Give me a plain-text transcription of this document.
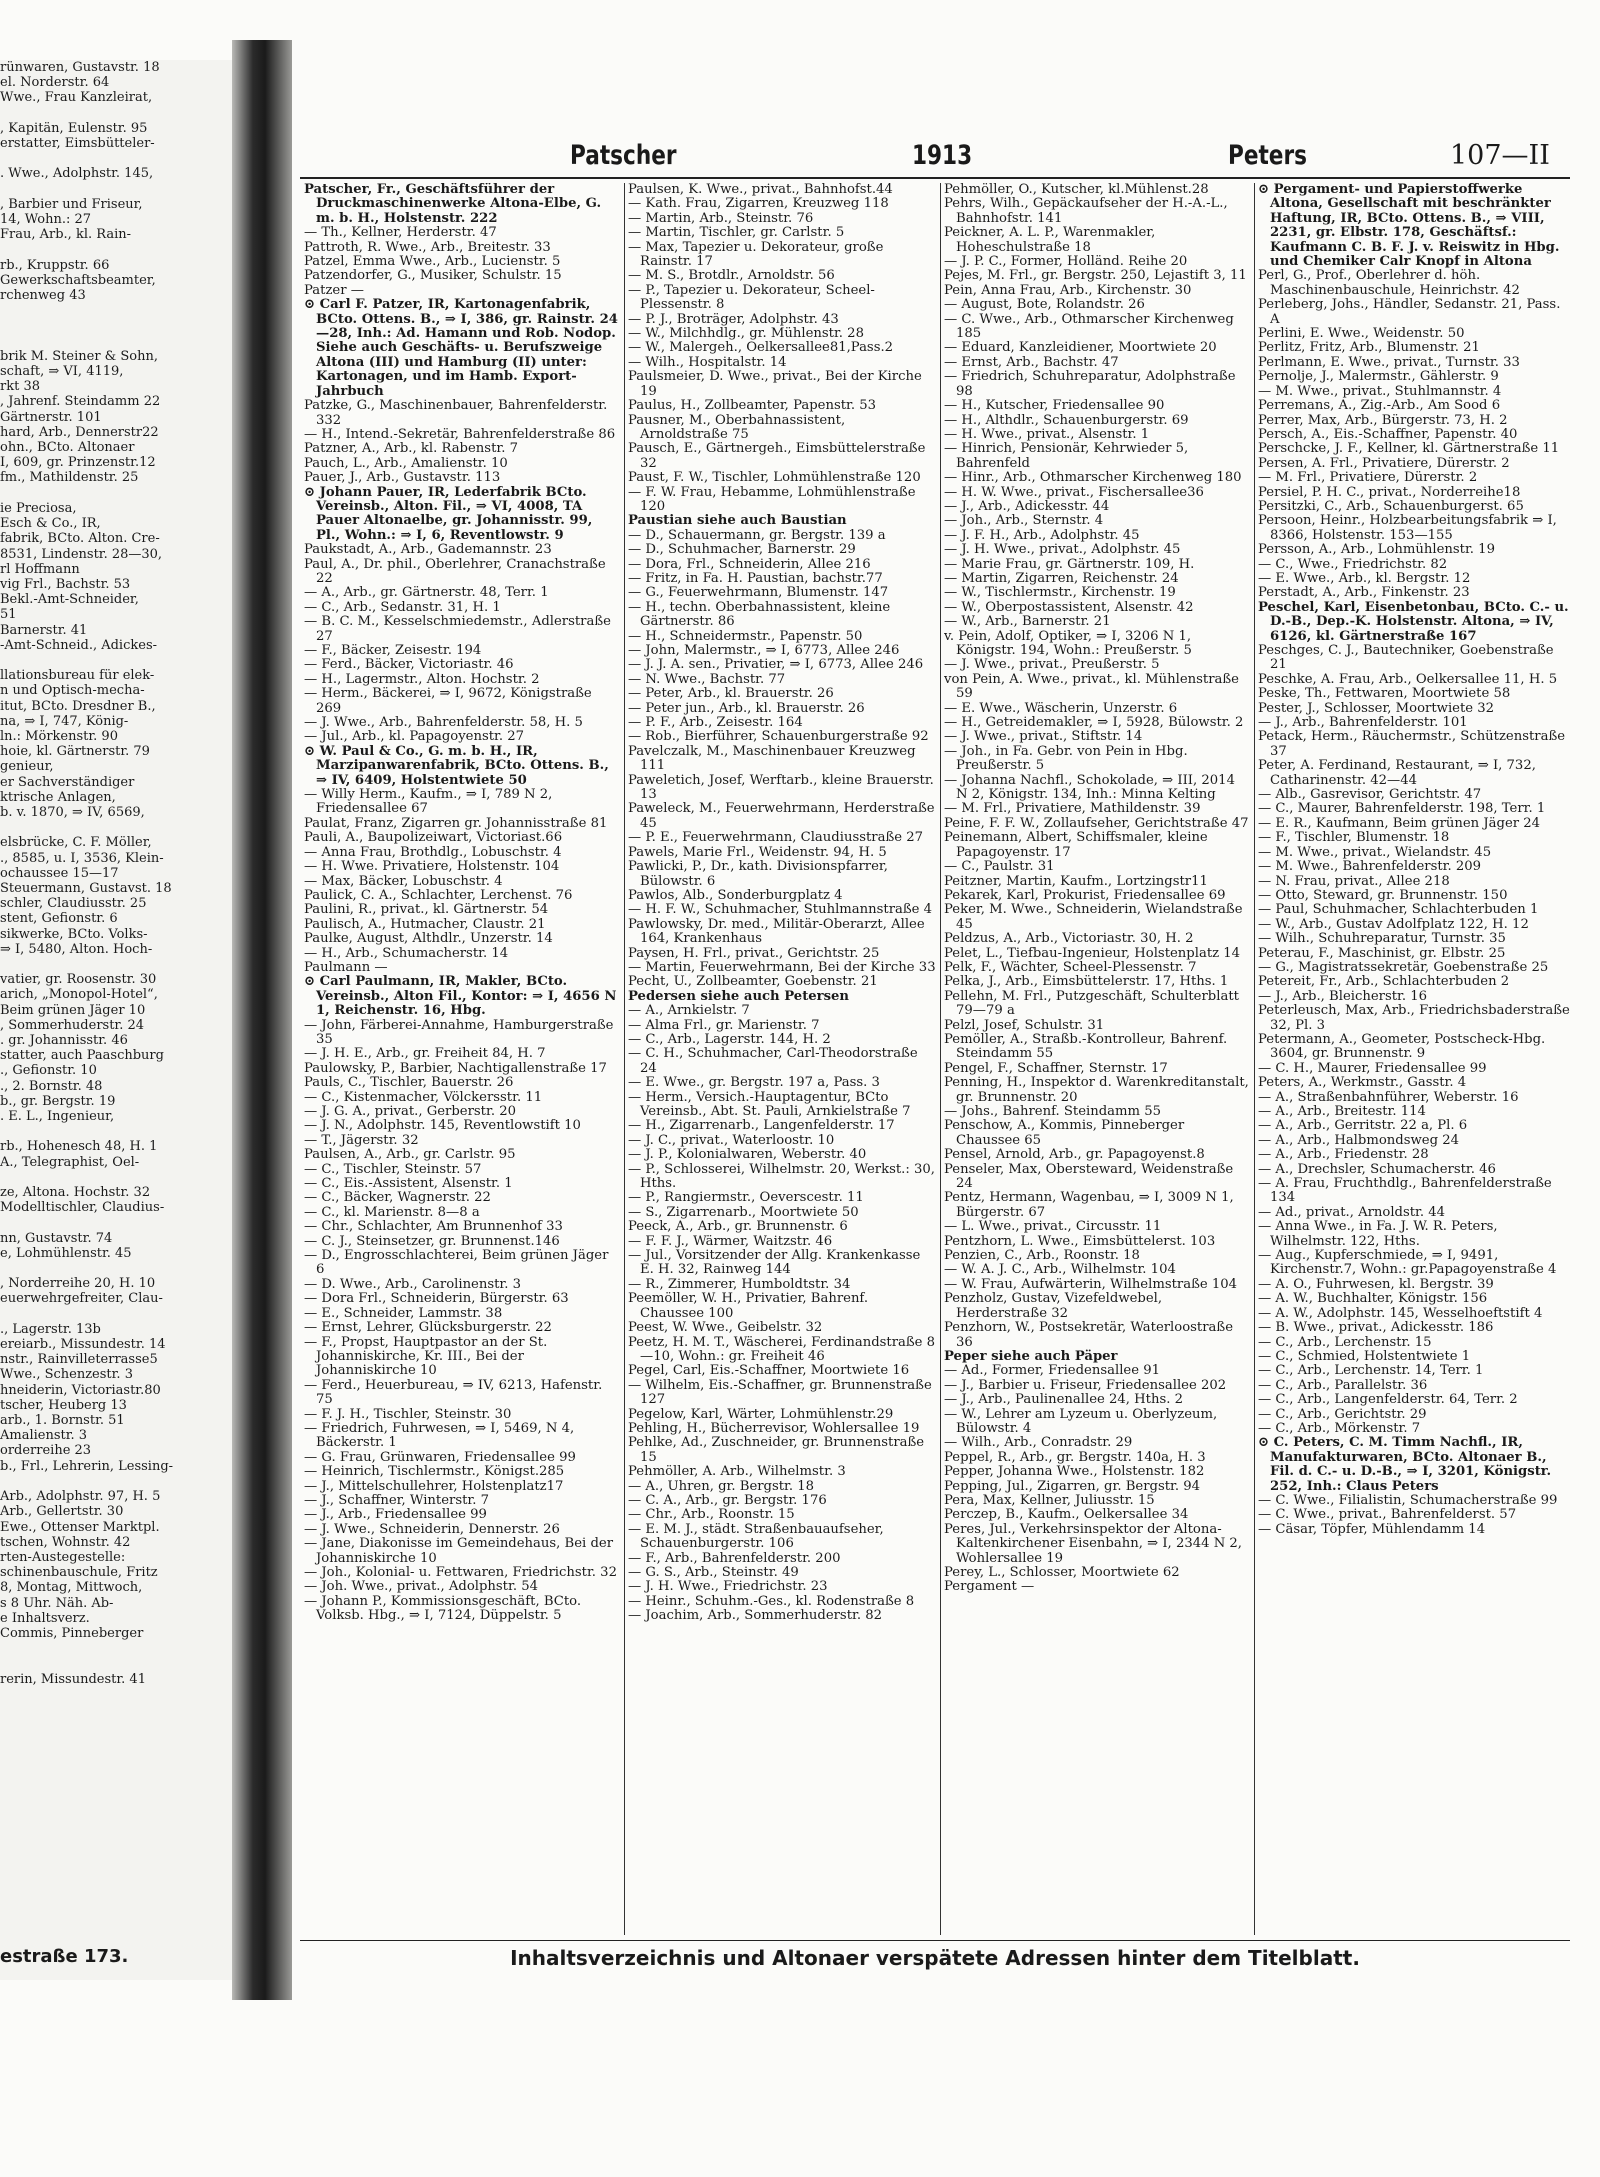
rünwaren, Gustavstr. 18
el. Norderstr. 64
Wwe., Frau Kanzleirat,

, Kapitän, Eulenstr. 95
erstatter, Eimsbütteler-

. Wwe., Adolphstr. 145,

, Barbier und Friseur,
14, Wohn.: 27
Frau, Arb., kl. Rain-

rb., Kruppstr. 66
Gewerkschaftsbeamter,
rchenweg 43

brik M. Steiner & Sohn,
schaft, ⇒ VI, 4119,
rkt 38
, Jahrenf. Steindamm 22
Gärtnerstr. 101
hard, Arb., Dennerstr22
ohn., BCto. Altonaer
I, 609, gr. Prinzenstr.12
fm., Mathildenstr. 25

ie Preciosa,
Esch & Co., IR,
fabrik, BCto. Alton. Cre-
8531, Lindenstr. 28—30,
rl Hoffmann
vig Frl., Bachstr. 53
Bekl.-Amt-Schneider,
51
Barnerstr. 41
-Amt-Schneid., Adickes-

llationsbureau für elek-
n und Optisch-mecha-
itut, BCto. Dresdner B.,
na, ⇒ I, 747, König-
ln.: Mörkenstr. 90
hoie, kl. Gärtnerstr. 79
genieur,
er Sachverständiger
ktrische Anlagen,
b. v. 1870, ⇒ IV, 6569,

elsbrücke, C. F. Möller,
., 8585, u. I, 3536, Klein-
ochaussee 15—17
Steuermann, Gustavst. 18
schler, Claudiusstr. 25
stent, Gefionstr. 6
sikwerke, BCto. Volks-
⇒ I, 5480, Alton. Hoch-

vatier, gr. Roosenstr. 30
arich, „Monopol-Hotel“,
Beim grünen Jäger 10
, Sommerhuderstr. 24
. gr. Johannisstr. 46
statter, auch Paaschburg
., Gefionstr. 10
., 2. Bornstr. 48
b., gr. Bergstr. 19
. E. L., Ingenieur,

rb., Hohenesch 48, H. 1
A., Telegraphist, Oel-

ze, Altona. Hochstr. 32
Modelltischler, Claudius-

nn, Gustavstr. 74
e, Lohmühlenstr. 45

, Norderreihe 20, H. 10
euerwehrgefreiter, Clau-

., Lagerstr. 13b
ereiarb., Missundestr. 14
nstr., Rainvilleterrasse5
Wwe., Schenzestr. 3
hneiderin, Victoriastr.80
tscher, Heuberg 13
arb., 1. Bornstr. 51
Amalienstr. 3
orderreihe 23
b., Frl., Lehrerin, Lessing-

Arb., Adolphstr. 97, H. 5
Arb., Gellertstr. 30
Ewe., Ottenser Marktpl.
tschen, Wohnstr. 42
rten-Austegestelle:
schinenbauschule, Fritz
8, Montag, Mittwoch,
s 8 Uhr. Näh. Ab-
e Inhaltsverz.
Commis, Pinneberger

rerin, Missundestr. 41
estraße 173.
Patscher	1913	Peters	107—II
Patscher, Fr., Geschäftsführer der Druckmaschinenwerke Altona-Elbe, G. m. b. H., Holstenstr. 222
— Th., Kellner, Herderstr. 47
Pattroth, R. Wwe., Arb., Breitestr. 33
Patzel, Emma Wwe., Arb., Lucienstr. 5
Patzendorfer, G., Musiker, Schulstr. 15
Patzer —
⊙ Carl F. Patzer, IR, Kartonagenfabrik, BCto. Ottens. B., ⇒ I, 386, gr. Rainstr. 24—28, Inh.: Ad. Hamann und Rob. Nodop. Siehe auch Geschäfts- u. Berufszweige Altona (III) und Hamburg (II) unter: Kartonagen, und im Hamb. Export-Jahrbuch
Patzke, G., Maschinenbauer, Bahrenfelderstr. 332
— H., Intend.-Sekretär, Bahrenfelderstraße 86
Patzner, A., Arb., kl. Rabenstr. 7
Pauch, L., Arb., Amalienstr. 10
Pauer, J., Arb., Gustavstr. 113
⊙ Johann Pauer, IR, Lederfabrik BCto. Vereinsb., Alton. Fil., ⇒ VI, 4008, TA Pauer Altonaelbe, gr. Johannisstr. 99, Pl., Wohn.: ⇒ I, 6, Reventlowstr. 9
Paukstadt, A., Arb., Gademannstr. 23
Paul, A., Dr. phil., Oberlehrer, Cranachstraße 22
— A., Arb., gr. Gärtnerstr. 48, Terr. 1
— C., Arb., Sedanstr. 31, H. 1
— B. C. M., Kesselschmiedemstr., Adlerstraße 27
— F., Bäcker, Zeisestr. 194
— Ferd., Bäcker, Victoriastr. 46
— H., Lagermstr., Alton. Hochstr. 2
— Herm., Bäckerei, ⇒ I, 9672, Königstraße 269
— J. Wwe., Arb., Bahrenfelderstr. 58, H. 5
— Jul., Arb., kl. Papagoyenstr. 27
⊙ W. Paul & Co., G. m. b. H., IR, Marzipanwarenfabrik, BCto. Ottens. B., ⇒ IV, 6409, Holstentwiete 50
— Willy Herm., Kaufm., ⇒ I, 789 N 2, Friedensallee 67
Paulat, Franz, Zigarren gr. Johannisstraße 81
Pauli, A., Baupolizeiwart, Victoriast.66
— Anna Frau, Brothdlg., Lobuschstr. 4
— H. Wwe. Privatiere, Holstenstr. 104
— Max, Bäcker, Lobuschstr. 4
Paulick, C. A., Schlachter, Lerchenst. 76
Paulini, R., privat., kl. Gärtnerstr. 54
Paulisch, A., Hutmacher, Claustr. 21
Paulke, August, Althdlr., Unzerstr. 14
— H., Arb., Schumacherstr. 14
Paulmann —
⊙ Carl Paulmann, IR, Makler, BCto. Vereinsb., Alton Fil., Kontor: ⇒ I, 4656 N 1, Reichenstr. 16, Hbg.
— John, Färberei-Annahme, Hamburgerstraße 35
— J. H. E., Arb., gr. Freiheit 84, H. 7
Paulowsky, P., Barbier, Nachtigallenstraße 17
Pauls, C., Tischler, Bauerstr. 26
— C., Kistenmacher, Völckersstr. 11
— J. G. A., privat., Gerberstr. 20
— J. N., Adolphstr. 145, Reventlowstift 10
— T., Jägerstr. 32
Paulsen, A., Arb., gr. Carlstr. 95
— C., Tischler, Steinstr. 57
— C., Eis.-Assistent, Alsenstr. 1
— C., Bäcker, Wagnerstr. 22
— C., kl. Marienstr. 8—8 a
— Chr., Schlachter, Am Brunnenhof 33
— C. J., Steinsetzer, gr. Brunnenst.146
— D., Engrosschlachterei, Beim grünen Jäger 6
— D. Wwe., Arb., Carolinenstr. 3
— Dora Frl., Schneiderin, Bürgerstr. 63
— E., Schneider, Lammstr. 38
— Ernst, Lehrer, Glücksburgerstr. 22
— F., Propst, Hauptpastor an der St. Johanniskirche, Kr. III., Bei der Johanniskirche 10
— Ferd., Heuerbureau, ⇒ IV, 6213, Hafenstr. 75
— F. J. H., Tischler, Steinstr. 30
— Friedrich, Fuhrwesen, ⇒ I, 5469, N 4, Bäckerstr. 1
— G. Frau, Grünwaren, Friedensallee 99
— Heinrich, Tischlermstr., Königst.285
— J., Mittelschullehrer, Holstenplatz17
— J., Schaffner, Winterstr. 7
— J., Arb., Friedensallee 99
— J. Wwe., Schneiderin, Dennerstr. 26
— Jane, Diakonisse im Gemeindehaus, Bei der Johanniskirche 10
— Joh., Kolonial- u. Fettwaren, Friedrichstr. 32
— Joh. Wwe., privat., Adolphstr. 54
— Johann P., Kommissionsgeschäft, BCto. Volksb. Hbg., ⇒ I, 7124, Düppelstr. 5
Paulsen, K. Wwe., privat., Bahnhofst.44
— Kath. Frau, Zigarren, Kreuzweg 118
— Martin, Arb., Steinstr. 76
— Martin, Tischler, gr. Carlstr. 5
— Max, Tapezier u. Dekorateur, große Rainstr. 17
— M. S., Brotdlr., Arnoldstr. 56
— P., Tapezier u. Dekorateur, Scheel-Plessenstr. 8
— P. J., Broträger, Adolphstr. 43
— W., Milchhdlg., gr. Mühlenstr. 28
— W., Malergeh., Oelkersallee81,Pass.2
— Wilh., Hospitalstr. 14
Paulsmeier, D. Wwe., privat., Bei der Kirche 19
Paulus, H., Zollbeamter, Papenstr. 53
Pausner, M., Oberbahnassistent, Arnoldstraße 75
Pausch, E., Gärtnergeh., Eimsbüttelerstraße 32
Paust, F. W., Tischler, Lohmühlenstraße 120
— F. W. Frau, Hebamme, Lohmühlenstraße 120
Paustian siehe auch Baustian
— D., Schauermann, gr. Bergstr. 139 a
— D., Schuhmacher, Barnerstr. 29
— Dora, Frl., Schneiderin, Allee 216
— Fritz, in Fa. H. Paustian, bachstr.77
— G., Feuerwehrmann, Blumenstr. 147
— H., techn. Oberbahnassistent, kleine Gärtnerstr. 86
— H., Schneidermstr., Papenstr. 50
— John, Malermstr., ⇒ I, 6773, Allee 246
— J. J. A. sen., Privatier, ⇒ I, 6773, Allee 246
— N. Wwe., Bachstr. 77
— Peter, Arb., kl. Brauerstr. 26
— Peter jun., Arb., kl. Brauerstr. 26
— P. F., Arb., Zeisestr. 164
— Rob., Bierführer, Schauenburgerstraße 92
Pavelczalk, M., Maschinenbauer Kreuzweg 111
Paweletich, Josef, Werftarb., kleine Brauerstr. 13
Paweleck, M., Feuerwehrmann, Herderstraße 45
— P. E., Feuerwehrmann, Claudiusstraße 27
Pawels, Marie Frl., Weidenstr. 94, H. 5
Pawlicki, P., Dr., kath. Divisionspfarrer, Bülowstr. 6
Pawlos, Alb., Sonderburgplatz 4
— H. F. W., Schuhmacher, Stuhlmannstraße 4
Pawlowsky, Dr. med., Militär-Oberarzt, Allee 164, Krankenhaus
Paysen, H. Frl., privat., Gerichtstr. 25
— Martin, Feuerwehrmann, Bei der Kirche 33
Pecht, U., Zollbeamter, Goebenstr. 21
Pedersen siehe auch Petersen
— A., Arnkielstr. 7
— Alma Frl., gr. Marienstr. 7
— C., Arb., Lagerstr. 144, H. 2
— C. H., Schuhmacher, Carl-Theodorstraße 24
— E. Wwe., gr. Bergstr. 197 a, Pass. 3
— Herm., Versich.-Hauptagentur, BCto Vereinsb., Abt. St. Pauli, Arnkielstraße 7
— H., Zigarrenarb., Langenfelderstr. 17
— J. C., privat., Waterloostr. 10
— J. P., Kolonialwaren, Weberstr. 40
— P., Schlosserei, Wilhelmstr. 20, Werkst.: 30, Hths.
— P., Rangiermstr., Oeverscestr. 11
— S., Zigarrenarb., Moortwiete 50
Peeck, A., Arb., gr. Brunnenstr. 6
— F. F. J., Wärmer, Waitzstr. 46
— Jul., Vorsitzender der Allg. Krankenkasse E. H. 32, Rainweg 144
— R., Zimmerer, Humboldtstr. 34
Peemöller, W. H., Privatier, Bahrenf. Chaussee 100
Peest, W. Wwe., Geibelstr. 32
Peetz, H. M. T., Wäscherei, Ferdinandstraße 8—10, Wohn.: gr. Freiheit 46
Pegel, Carl, Eis.-Schaffner, Moortwiete 16
— Wilhelm, Eis.-Schaffner, gr. Brunnenstraße 127
Pegelow, Karl, Wärter, Lohmühlenstr.29
Pehling, H., Bücherrevisor, Wohlersallee 19
Pehlke, Ad., Zuschneider, gr. Brunnenstraße 15
Pehmöller, A. Arb., Wilhelmstr. 3
— A., Uhren, gr. Bergstr. 18
— C. A., Arb., gr. Bergstr. 176
— Chr., Arb., Roonstr. 15
— E. M. J., städt. Straßenbauaufseher, Schauenburgerstr. 106
— F., Arb., Bahrenfelderstr. 200
— G. S., Arb., Steinstr. 49
— J. H. Wwe., Friedrichstr. 23
— Heinr., Schuhm.-Ges., kl. Rodenstraße 8
— Joachim, Arb., Sommerhuderstr. 82
Pehmöller, O., Kutscher, kl.Mühlenst.28
Pehrs, Wilh., Gepäckaufseher der H.-A.-L., Bahnhofstr. 141
Peickner, A. L. P., Warenmakler, Hoheschulstraße 18
— J. P. C., Former, Holländ. Reihe 20
Pejes, M. Frl., gr. Bergstr. 250, Lejastift 3, 11
Pein, Anna Frau, Arb., Kirchenstr. 30
— August, Bote, Rolandstr. 26
— C. Wwe., Arb., Othmarscher Kirchenweg 185
— Eduard, Kanzleidiener, Moortwiete 20
— Ernst, Arb., Bachstr. 47
— Friedrich, Schuhreparatur, Adolphstraße 98
— H., Kutscher, Friedensallee 90
— H., Althdlr., Schauenburgerstr. 69
— H. Wwe., privat., Alsenstr. 1
— Hinrich, Pensionär, Kehrwieder 5, Bahrenfeld
— Hinr., Arb., Othmarscher Kirchenweg 180
— H. W. Wwe., privat., Fischersallee36
— J., Arb., Adickesstr. 44
— Joh., Arb., Sternstr. 4
— J. F. H., Arb., Adolphstr. 45
— J. H. Wwe., privat., Adolphstr. 45
— Marie Frau, gr. Gärtnerstr. 109, H.
— Martin, Zigarren, Reichenstr. 24
— W., Tischlermstr., Kirchenstr. 19
— W., Oberpostassistent, Alsenstr. 42
— W., Arb., Barnerstr. 21
v. Pein, Adolf, Optiker, ⇒ I, 3206 N 1, Königstr. 194, Wohn.: Preußerstr. 5
— J. Wwe., privat., Preußerstr. 5
von Pein, A. Wwe., privat., kl. Mühlenstraße 59
— E. Wwe., Wäscherin, Unzerstr. 6
— H., Getreidemakler, ⇒ I, 5928, Bülowstr. 2
— J. Wwe., privat., Stiftstr. 14
— Joh., in Fa. Gebr. von Pein in Hbg. Preußerstr. 5
— Johanna Nachfl., Schokolade, ⇒ III, 2014 N 2, Königstr. 134, Inh.: Minna Kelting
— M. Frl., Privatiere, Mathildenstr. 39
Peine, F. F. W., Zollaufseher, Gerichtstraße 47
Peinemann, Albert, Schiffsmaler, kleine Papagoyenstr. 17
— C., Paulstr. 31
Peitzner, Martin, Kaufm., Lortzingstr11
Pekarek, Karl, Prokurist, Friedensallee 69
Peker, M. Wwe., Schneiderin, Wielandstraße 45
Peldzus, A., Arb., Victoriastr. 30, H. 2
Pelet, L., Tiefbau-Ingenieur, Holstenplatz 14
Pelk, F., Wächter, Scheel-Plessenstr. 7
Pelka, J., Arb., Eimsbüttelerstr. 17, Hths. 1
Pellehn, M. Frl., Putzgeschäft, Schulterblatt 79—79 a
Pelzl, Josef, Schulstr. 31
Pemöller, A., Straßb.-Kontrolleur, Bahrenf. Steindamm 55
Pengel, F., Schaffner, Sternstr. 17
Penning, H., Inspektor d. Warenkreditanstalt, gr. Brunnenstr. 20
— Johs., Bahrenf. Steindamm 55
Penschow, A., Kommis, Pinneberger Chaussee 65
Pensel, Arnold, Arb., gr. Papagoyenst.8
Penseler, Max, Obersteward, Weidenstraße 24
Pentz, Hermann, Wagenbau, ⇒ I, 3009 N 1, Bürgerstr. 67
— L. Wwe., privat., Circusstr. 11
Pentzhorn, L. Wwe., Eimsbüttelerst. 103
Penzien, C., Arb., Roonstr. 18
— W. A. J. C., Arb., Wilhelmstr. 104
— W. Frau, Aufwärterin, Wilhelmstraße 104
Penzholz, Gustav, Vizefeldwebel, Herderstraße 32
Penzhorn, W., Postsekretär, Waterloostraße 36
Peper siehe auch Päper
— Ad., Former, Friedensallee 91
— J., Barbier u. Friseur, Friedensallee 202
— J., Arb., Paulinenallee 24, Hths. 2
— W., Lehrer am Lyzeum u. Oberlyzeum, Bülowstr. 4
— Wilh., Arb., Conradstr. 29
Peppel, R., Arb., gr. Bergstr. 140a, H. 3
Pepper, Johanna Wwe., Holstenstr. 182
Pepping, Jul., Zigarren, gr. Bergstr. 94
Pera, Max, Kellner, Juliusstr. 15
Perczep, B., Kaufm., Oelkersallee 34
Peres, Jul., Verkehrsinspektor der Altona-Kaltenkirchener Eisenbahn, ⇒ I, 2344 N 2, Wohlersallee 19
Perey, L., Schlosser, Moortwiete 62
Pergament —
⊙ Pergament- und Papierstoffwerke Altona, Gesellschaft mit beschränkter Haftung, IR, BCto. Ottens. B., ⇒ VIII, 2231, gr. Elbstr. 178, Geschäftsf.: Kaufmann C. B. F. J. v. Reiswitz in Hbg. und Chemiker Calr Knopf in Altona
Perl, G., Prof., Oberlehrer d. höh. Maschinenbauschule, Heinrichstr. 42
Perleberg, Johs., Händler, Sedanstr. 21, Pass. A
Perlini, E. Wwe., Weidenstr. 50
Perlitz, Fritz, Arb., Blumenstr. 21
Perlmann, E. Wwe., privat., Turnstr. 33
Pernolje, J., Malermstr., Gählerstr. 9
— M. Wwe., privat., Stuhlmannstr. 4
Perremans, A., Zig.-Arb., Am Sood 6
Perrer, Max, Arb., Bürgerstr. 73, H. 2
Persch, A., Eis.-Schaffner, Papenstr. 40
Perschcke, J. F., Kellner, kl. Gärtnerstraße 11
Persen, A. Frl., Privatiere, Dürerstr. 2
— M. Frl., Privatiere, Dürerstr. 2
Persiel, P. H. C., privat., Norderreihe18
Persitzki, C., Arb., Schauenburgerst. 65
Persoon, Heinr., Holzbearbeitungsfabrik ⇒ I, 8366, Holstenstr. 153—155
Persson, A., Arb., Lohmühlenstr. 19
— C., Wwe., Friedrichstr. 82
— E. Wwe., Arb., kl. Bergstr. 12
Perstadt, A., Arb., Finkenstr. 23
Peschel, Karl, Eisenbetonbau, BCto. C.- u. D.-B., Dep.-K. Holstenstr. Altona, ⇒ IV, 6126, kl. Gärtnerstraße 167
Peschges, C. J., Bautechniker, Goebenstraße 21
Peschke, A. Frau, Arb., Oelkersallee 11, H. 5
Peske, Th., Fettwaren, Moortwiete 58
Pester, J., Schlosser, Moortwiete 32
— J., Arb., Bahrenfelderstr. 101
Petack, Herm., Räuchermstr., Schützenstraße 37
Peter, A. Ferdinand, Restaurant, ⇒ I, 732, Catharinenstr. 42—44
— Alb., Gasrevisor, Gerichtstr. 47
— C., Maurer, Bahrenfelderstr. 198, Terr. 1
— E. R., Kaufmann, Beim grünen Jäger 24
— F., Tischler, Blumenstr. 18
— M. Wwe., privat., Wielandstr. 45
— M. Wwe., Bahrenfelderstr. 209
— N. Frau, privat., Allee 218
— Otto, Steward, gr. Brunnenstr. 150
— Paul, Schuhmacher, Schlachterbuden 1
— W., Arb., Gustav Adolfplatz 122, H. 12
— Wilh., Schuhreparatur, Turnstr. 35
Peterau, F., Maschinist, gr. Elbstr. 25
— G., Magistratssekretär, Goebenstraße 25
Petereit, Fr., Arb., Schlachterbuden 2
— J., Arb., Bleicherstr. 16
Peterleusch, Max, Arb., Friedrichsbaderstraße 32, Pl. 3
Petermann, A., Geometer, Postscheck-Hbg. 3604, gr. Brunnenstr. 9
— C. H., Maurer, Friedensallee 99
Peters, A., Werkmstr., Gasstr. 4
— A., Straßenbahnführer, Weberstr. 16
— A., Arb., Breitestr. 114
— A., Arb., Gerritstr. 22 a, Pl. 6
— A., Arb., Halbmondsweg 24
— A., Arb., Friedenstr. 28
— A., Drechsler, Schumacherstr. 46
— A. Frau, Fruchthdlg., Bahrenfelderstraße 134
— Ad., privat., Arnoldstr. 44
— Anna Wwe., in Fa. J. W. R. Peters, Wilhelmstr. 122, Hths.
— Aug., Kupferschmiede, ⇒ I, 9491, Kirchenstr.7, Wohn.: gr.Papagoyenstraße 4
— A. O., Fuhrwesen, kl. Bergstr. 39
— A. W., Buchhalter, Königstr. 156
— A. W., Adolphstr. 145, Wesselhoeftstift 4
— B. Wwe., privat., Adickesstr. 186
— C., Arb., Lerchenstr. 15
— C., Schmied, Holstentwiete 1
— C., Arb., Lerchenstr. 14, Terr. 1
— C., Arb., Parallelstr. 36
— C., Arb., Langenfelderstr. 64, Terr. 2
— C., Arb., Gerichtstr. 29
— C., Arb., Mörkenstr. 7
⊙ C. Peters, C. M. Timm Nachfl., IR, Manufakturwaren, BCto. Altonaer B., Fil. d. C.- u. D.-B., ⇒ I, 3201, Königstr. 252, Inh.: Claus Peters
— C. Wwe., Filialistin, Schumacherstraße 99
— C. Wwe., privat., Bahrenfelderst. 57
— Cäsar, Töpfer, Mühlendamm 14
Inhaltsverzeichnis und Altonaer verspätete Adressen hinter dem Titelblatt.
